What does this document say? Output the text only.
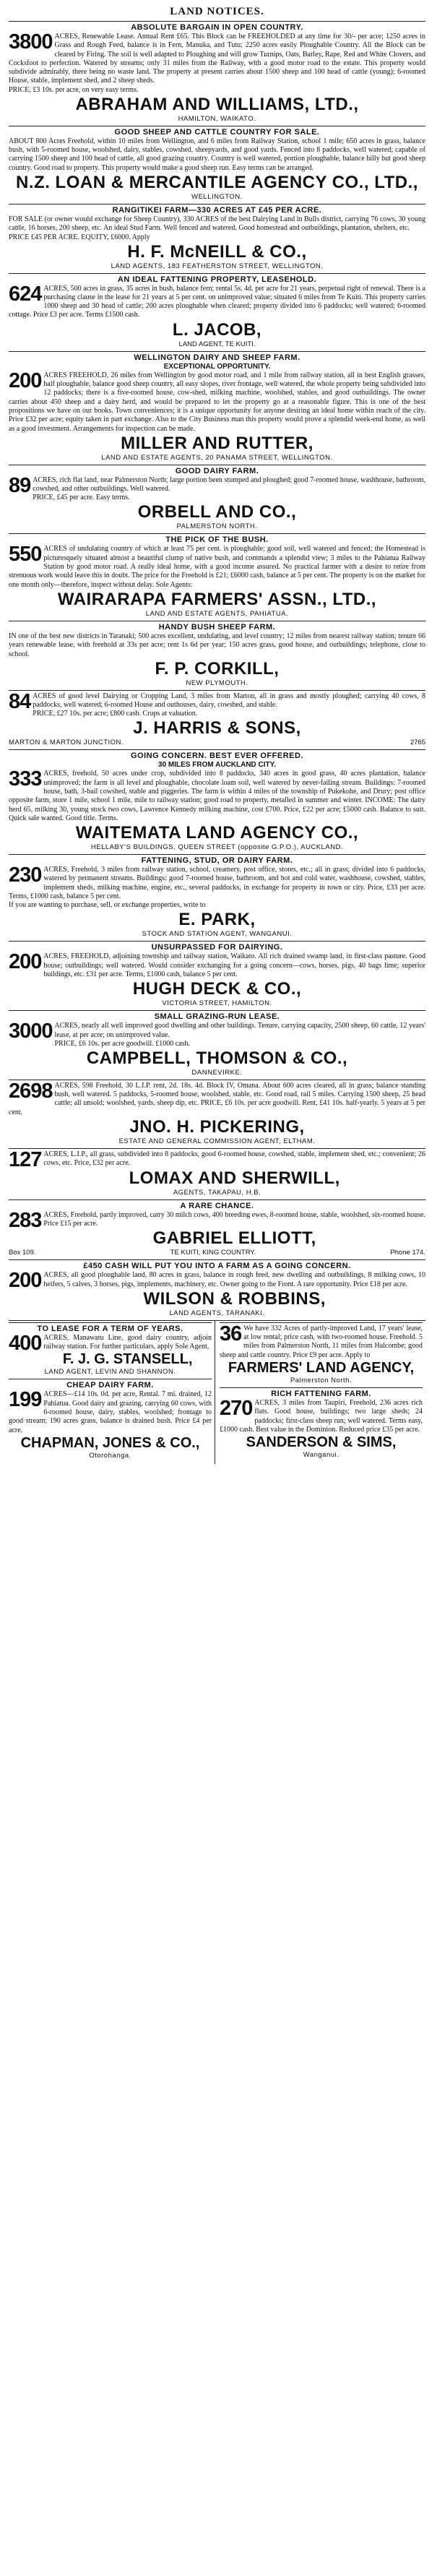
LAND NOTICES.
ABSOLUTE BARGAIN IN OPEN COUNTRY.

3800 ACRES, Renewable Lease. Annual Rent £65. This Block can be FREEHOLDED at any time for 30/- per acre; 1250 acres in Grass and Rough Feed, balance is in Fern, Manuka, and Tutu; 2250 acres easily Ploughable Country. All the Block can be cleared by Firing. The soil is well adapted to Ploughing and will grow Turnips, Oats, Barley, Rape, Red and White Clovers, and Cocksfoot to perfection. Watered by streams; only 31 miles from the Railway, with a good motor road to the estate. This property would subdivide admirably, there being no waste land. The property at present carries about 1500 sheep and 100 head of cattle (young); 6-roomed House, stable, implement shed, and 2 sheep sheds.

PRICE, £3 10s. per acre, on very easy terms.
ABRAHAM AND WILLIAMS, LTD.,
HAMILTON, WAIKATO.
GOOD SHEEP AND CATTLE COUNTRY FOR SALE.

ABOUT 800 Acres Freehold, within 10 miles from Wellington, and 6 miles from Railway Station, school 1 mile; 650 acres in grass, balance bush, with 5-roomed house, woolshed, dairy, stables, cowshed, sheepyards, and good yards. Fenced into 8 paddocks, well watered; capable of carrying 1500 sheep and 100 head of cattle, all good grazing country. Country is well watered, portion ploughable, balance hilly but good sheep country. Good road to property. This property would make a good sheep run. Easy terms can be arranged.

N.Z. LOAN & MERCANTILE AGENCY CO., LTD.,
WELLINGTON.
RANGITIKEI FARM—330 ACRES AT £45 PER ACRE.

FOR SALE (or owner would exchange for Sheep Country), 330 ACRES of the best Dairying Land in Bulls district, carrying 76 cows, 30 young cattle, 16 horses, 200 sheep, etc. An ideal Stud Farm. Well fenced and watered. Good homestead and outbuildings, plantation, shelters, etc.

PRICE £45 PER ACRE. EQUITY, £6000. Apply
H. F. McNEILL & CO.,
LAND AGENTS, 183 FEATHERSTON STREET, WELLINGTON.
AN IDEAL FATTENING PROPERTY, LEASEHOLD.

624 ACRES, 500 acres in grass, 35 acres in bush, balance fern; rental 5s. 4d. per acre for 21 years, perpetual right of renewal. There is a purchasing clause in the lease for 21 years at 5 per cent. on unimproved value; situated 6 miles from Te Kuiti. This property carries 1000 sheep and 30 head of cattle; 200 acres ploughable when cleared; property divided into 6 paddocks; well watered; 6-roomed cottage. Price £3 per acre. Terms £1500 cash.

L. JACOB,
LAND AGENT, TE KUITI.
WELLINGTON DAIRY AND SHEEP FARM.
EXCEPTIONAL OPPORTUNITY.

200 ACRES FREEHOLD, 26 miles from Wellington by good motor road, and 1 mile from railway station, all in best English grasses, half ploughable, balance good sheep country, all easy slopes, river frontage, well watered, the whole property being subdivided into 12 paddocks; there is a five-roomed house, cow-shed, milking machine, woolshed, stables, and good outbuildings. The owner carries about 450 sheep and a dairy herd, and would be prepared to let the property go at a reasonable figure. This is one of the best propositions we have on our books. Town conveniences; it is a unique opportunity for anyone desiring an ideal home within reach of the city. Price £32 per acre; equity taken in part exchange. Also to the City Business man this property would prove a splendid week-end home, as well as a good investment. Arrangements for inspection can be made.

MILLER AND RUTTER,
LAND AND ESTATE AGENTS, 20 PANAMA STREET, WELLINGTON.
GOOD DAIRY FARM.

89 ACRES, rich flat land, near Palmerston North; large portion been stumped and ploughed; good 7-roomed house, washhouse, bathroom, cowshed, and other outbuildings. Well watered.

PRICE, £45 per acre. Easy terms.
ORBELL AND CO.,
PALMERSTON NORTH.
THE PICK OF THE BUSH.

550 ACRES of undulating country of which at least 75 per cent. is ploughable; good soil, well watered and fenced; the Homestead is picturesquely situated almost a beautiful clump of native bush, and commands a splendid view; 3 miles to the Pahiatua Railway Station by good motor road. A really ideal home, with a good income assured. No practical farmer with a desire to retire from strenuous work would leave this in doubt. The price for the Freehold is £21; £6000 cash, balance at 5 per cent. The property is on the market for one month only—therefore, inspect without delay. Sole Agents:

WAIRARAPA FARMERS' ASSN., LTD.,
LAND AND ESTATE AGENTS, PAHIATUA.
HANDY BUSH SHEEP FARM.

IN one of the best new districts in Taranaki; 500 acres excellent, undulating, and level country; 12 miles from nearest railway station; tenure 66 years renewable lease, with freehold at 33s per acre; rent 1s 6d per year; 150 acres grass, good house, and outbuildings; telephone, close to school.

F. P. CORKILL,
NEW PLYMOUTH.

84 ACRES of good level Dairying or Cropping Land, 3 miles from Marton, all in grass and mostly ploughed; carrying 40 cows, 8 paddocks, well watered; 6-roomed House and outhouses, dairy, cowshed, and stable.

PRICE, £27 10s. per acre; £800 cash. Crops at valuation.
J. HARRIS & SONS,
MARTON & MARTON JUNCTION.	2765
GOING CONCERN. BEST EVER OFFERED.
30 MILES FROM AUCKLAND CITY.

333 ACRES, freehold, 50 acres under crop, subdivided into 8 paddocks, 340 acres in good grass, 40 acres plantation, balance unimproved; the farm is all level and ploughable, chocolate loam soil, well watered by never-failing stream. Buildings: 7-roomed house, bath, 3-bail cowshed, stable and piggeries. The farm is within 4 miles of the township of Pukekohe, and Drury; post office opposite farm, store 1 mile, school 1 mile, mile to railway station; good road to property, metalled in summer and winter. INCOME: The dairy herd 65, milking 30, young stock two cows, Lawrence Kennedy milking machine, cost £700. Price, £22 per acre; £5000 cash. Balance to suit. Quick sale wanted. Good title. Terms.

WAITEMATA LAND AGENCY CO.,
HELLABY'S BUILDINGS, QUEEN STREET (opposite G.P.O.), AUCKLAND.
FATTENING, STUD, OR DAIRY FARM.

230 ACRES, Freehold, 3 miles from railway station, school, creamery, post office, stores, etc.; all in grass; divided into 6 paddocks, watered by permanent streams. Buildings: good 7-roomed house, bathroom, and hot and cold water, washhouse, cowshed, stables, implement sheds, milking machine, engine, etc., several paddocks, in exchange for property in town or city. Price, £33 per acre. Terms, £1000 cash, balance 5 per cent.

If you are wanting to purchase, sell, or exchange properties, write to
E. PARK,
STOCK AND STATION AGENT, WANGANUI.
UNSURPASSED FOR DAIRYING.

200 ACRES, FREEHOLD, adjoining township and railway station, Waikato. All rich drained swamp land, in first-class pasture. Good house; outbuildings; well watered. Would consider exchanging for a going concern—cows, horses, pigs, 40 bags lime; superior buildings, etc. £31 per acre. Terms, £1000 cash, balance 5 per cent.

HUGH DECK & CO.,
VICTORIA STREET, HAMILTON.
SMALL GRAZING-RUN LEASE.

3000 ACRES, nearly all well improved good dwelling and other buildings. Tenure, carrying capacity, 2500 sheep, 60 cattle, 12 years' lease, at per acre; on unimproved value.

PRICE, £6 10s. per acre goodwill. £1000 cash.
CAMPBELL, THOMSON & CO.,
DANNEVIRKE.

2698 ACRES, 598 Freehold, 30 L.I.P. rent, 2d. 18s. 4d. Block IV, Omana. About 600 acres cleared, all in grass; balance standing bush, well watered. 5 paddocks, 5-roomed house, woolshed, stable, etc. Good road, rail 5 miles. Carrying 1500 sheep, 25 head cattle; all unsold; woolshed, yards, sheep dip, etc. PRICE, £6 10s. per acre goodwill. Rent, £41 10s. half-yearly. 5 years at 5 per cent.

JNO. H. PICKERING,
ESTATE AND GENERAL COMMISSION AGENT, ELTHAM.

127 ACRES, L.I.P., all grass, subdivided into 8 paddocks, good 6-roomed house, cowshed, stable, implement shed, etc.; convenient; 26 cows, etc. Price, £32 per acre.

LOMAX AND SHERWILL,
AGENTS, TAKAPAU, H.B.
A RARE CHANCE.

283 ACRES, Freehold, partly improved, carry 30 milch cows, 400 breeding ewes, 8-roomed house, stable, woolshed, six-roomed house. Price £15 per acre.

GABRIEL ELLIOTT,
Box 109.	TE KUITI, KING COUNTRY.	Phone 174.
£450 CASH WILL PUT YOU INTO A FARM AS A GOING CONCERN.

200 ACRES, all good ploughable land, 80 acres in grass, balance in rough feed, new dwelling and outbuildings, 8 milking cows, 10 heifers, 5 calves, 3 horses, pigs, implements, machinery, etc. Owner going to the Front. A rare opportunity. Price £18 per acre.

WILSON & ROBBINS,
LAND AGENTS, TARANAKI.
TO LEASE FOR A TERM OF YEARS.

400 ACRES, Manawatu Line, good dairy country, adjoin railway station. For further particulars, apply Sole Agent,

F. J. G. STANSELL,
LAND AGENT, LEVIN AND SHANNON.
CHEAP DAIRY FARM.

199 ACRES—£14 10s. 0d. per acre, Rental. 7 mi. drained, 12 Pahiatua. Good dairy and grazing, carrying 60 cows, with 6-roomed house, dairy, stables, woolshed; frontage to good stream; 190 acres grass, balance is drained bush. Price £4 per acre.

CHAPMAN, JONES & CO.,
Otorohanga.

36 We have 332 Acres of partly-improved Land, 17 years' lease, at low rental; price cash, with two-roomed house. Freehold. 5 miles from Palmerston North, 11 miles from Halcombe; good sheep and cattle country. Price £9 per acre. Apply to

FARMERS' LAND AGENCY,
Palmerston North.
RICH FATTENING FARM.

270 ACRES, 3 miles from Taupiri, Freehold, 236 acres rich flats. Good house, buildings; two large sheds; 24 paddocks; first-class sheep run; well watered. Terms easy, £1000 cash. Best value in the Dominion. Reduced price £35 per acre.

SANDERSON & SIMS,
Wanganui.
